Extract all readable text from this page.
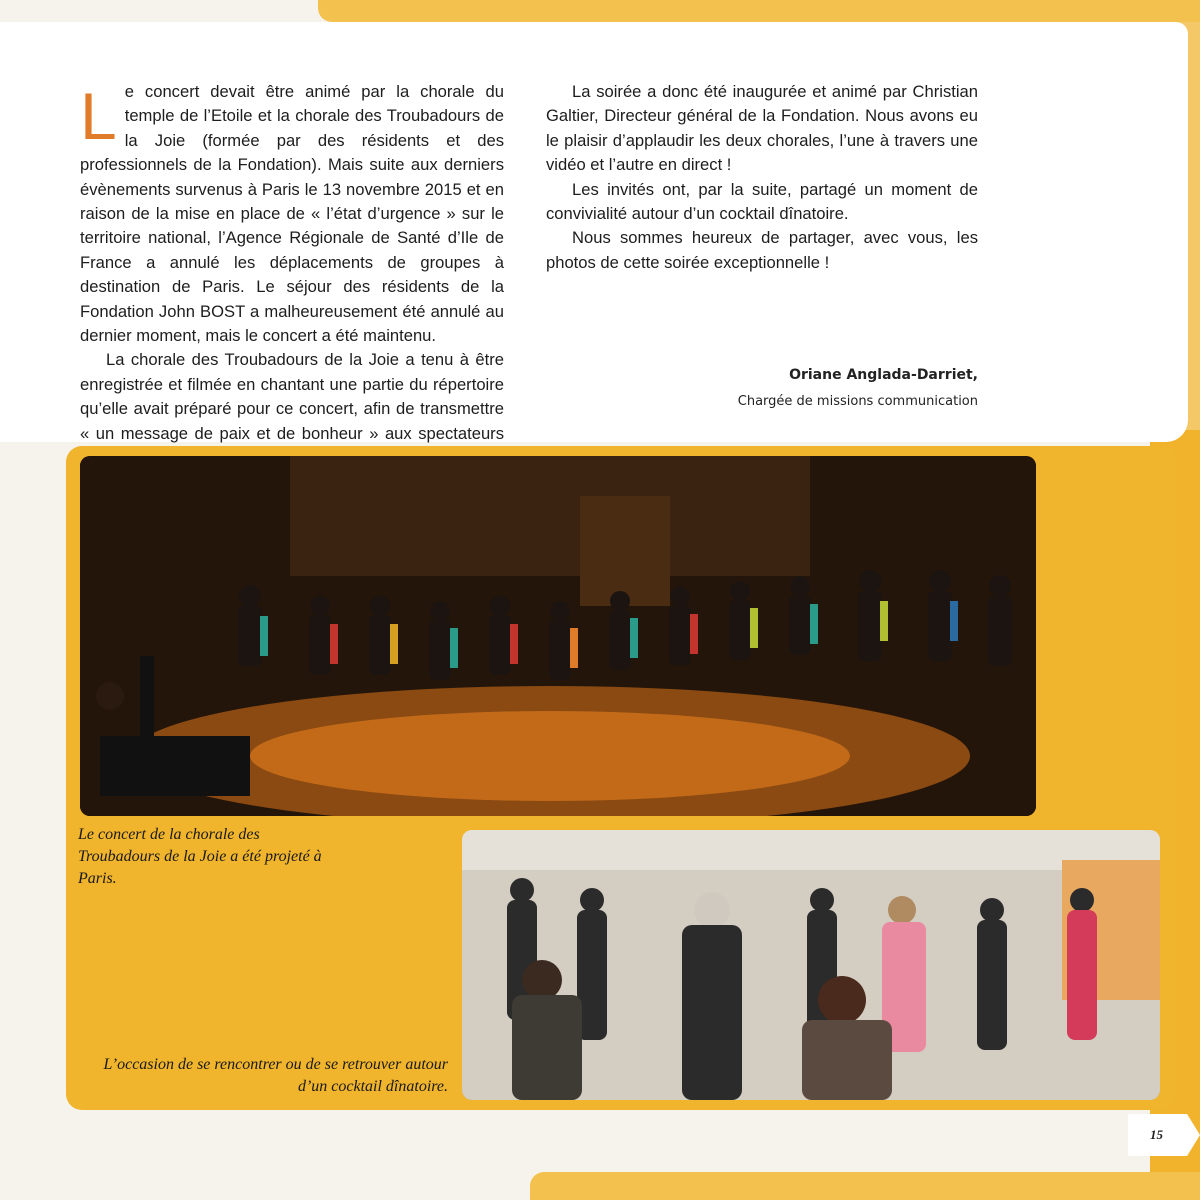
Le concert devait être animé par la chorale du temple de l’Etoile et la chorale des Troubadours de la Joie (formée par des résidents et des professionnels de la Fondation). Mais suite aux derniers évènements survenus à Paris le 13 novembre 2015 et en raison de la mise en place de « l’état d’urgence » sur le territoire national, l’Agence Régionale de Santé d’Ile de France a annulé les déplacements de groupes à destination de Paris. Le séjour des résidents de la Fondation John BOST a malheureusement été annulé au dernier moment, mais le concert a été maintenu.

La chorale des Troubadours de la Joie a tenu à être enregistrée et filmée en chantant une partie du répertoire qu’elle avait préparé pour ce concert, afin de transmettre « un message de paix et de bonheur » aux spectateurs

La soirée a donc été inaugurée et animé par Christian Galtier, Directeur général de la Fondation. Nous avons eu le plaisir d’applaudir les deux chorales, l’une à travers une vidéo et l’autre en direct !

Les invités ont, par la suite, partagé un moment de convivialité autour d’un cocktail dînatoire.

Nous sommes heureux de partager, avec vous, les photos de cette soirée exceptionnelle !

Oriane Anglada-Darriet,
Chargée de missions communication
Le concert de la chorale des Troubadours de la Joie a été projeté à Paris.
L’occasion de se rencontrer ou de se retrouver autour d’un cocktail dînatoire.
15
